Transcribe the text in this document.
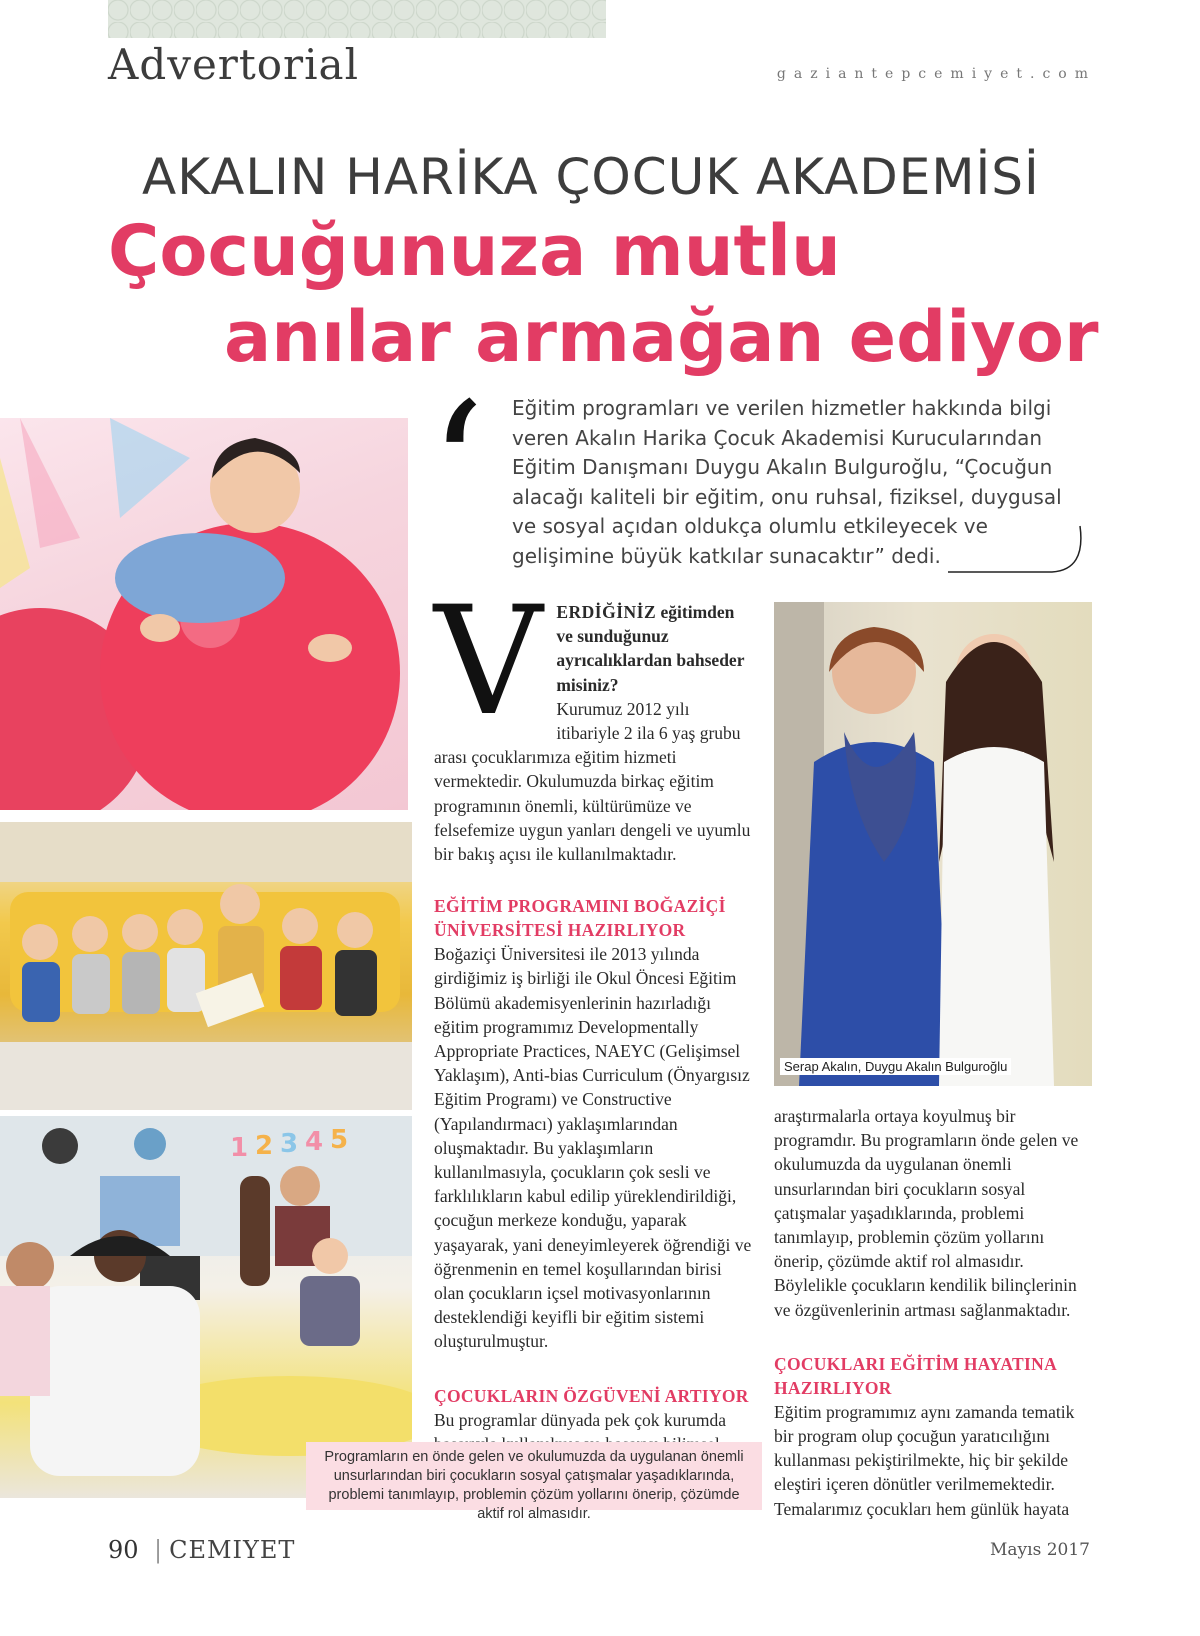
Advertorial	gaziantepcemiyet.com
AKALIN HARİKA ÇOCUK AKADEMİSİ
Çocuğunuza mutlu
anılar armağan ediyor
‘ Eğitim programları ve verilen hizmetler hakkında bilgi veren Akalın Harika Çocuk Akademisi Kurucularından Eğitim Danışmanı Duygu Akalın Bulguroğlu, “Çocuğun alacağı kaliteli bir eğitim, onu ruhsal, fiziksel, duygusal ve sosyal açıdan oldukça olumlu etkileyecek ve gelişimine büyük katkılar sunacaktır” dedi.
1 2 3 4 5
Serap Akalın, Duygu Akalın Bulguroğlu
V ERDİĞİNİZ eğitimden ve sunduğunuz ayrıcalıklardan bahseder misiniz?

Kurumuz 2012 yılı itibariyle 2 ila 6 yaş grubu arası çocuklarımıza eğitim hizmeti vermektedir. Okulumuzda birkaç eğitim programının önemli, kültürümüze ve felsefemize uygun yanları dengeli ve uyumlu bir bakış açısı ile kullanılmaktadır.

EĞİTİM PROGRAMINI BOĞAZİÇİ ÜNİVERSİTESİ HAZIRLIYOR

Boğaziçi Üniversitesi ile 2013 yılında girdiğimiz iş birliği ile Okul Öncesi Eğitim Bölümü akademisyenlerinin hazırladığı eğitim programımız Developmentally Appropriate Practices, NAEYC (Gelişimsel Yaklaşım), Anti-bias Curriculum (Önyargısız Eğitim Programı) ve Constructive (Yapılandırmacı) yaklaşımlarından oluşmaktadır. Bu yaklaşımların kullanılmasıyla, çocukların çok sesli ve farklılıkların kabul edilip yüreklendirildiği, çocuğun merkeze konduğu, yaparak yaşayarak, yani deneyimleyerek öğrendiği ve öğrenmenin en temel koşullarından birisi olan çocukların içsel motivasyonlarının desteklendiği keyifli bir eğitim sistemi oluşturulmuştur.

ÇOCUKLARIN ÖZGÜVENİ ARTIYOR

Bu programlar dünyada pek çok kurumda

araştırmalarla ortaya koyulmuş bir programdır. Bu programların önde gelen ve okulumuzda da uygulanan önemli unsurlarından biri çocukların sosyal çatışmalar yaşadıklarında, problemi tanımlayıp, problemin çözüm yollarını önerip, çözümde aktif rol almasıdır. Böylelikle çocukların kendilik bilinçlerinin ve özgüvenlerinin artması sağlanmaktadır.

ÇOCUKLARI EĞİTİM HAYATINA HAZIRLIYOR

Eğitim programımız aynı zamanda tematik bir program olup çocuğun yaratıcılığını kullanması pekiştirilmekte, hiç bir şekilde eleştiri içeren dönütler verilmemektedir. Temalarımız çocukları hem günlük hayata

Programların en önde gelen ve okulumuzda da uygulanan önemli unsurlarından biri çocukların sosyal çatışmalar yaşadıklarında, problemi tanımlayıp, problemin çözüm yollarını önerip, çözümde aktif rol almasıdır.
90 | CEMIYET	Mayıs 2017
